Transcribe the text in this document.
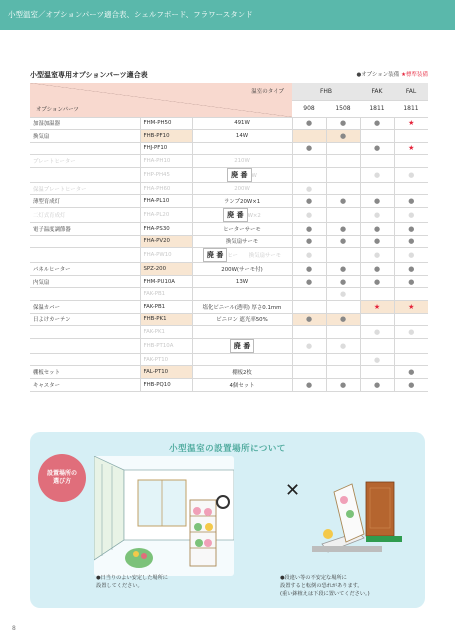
小型温室／オプションパーツ適合表、シェルフボード、フラワースタンド
小型温室専用オプションパーツ適合表	●オプション装備 ★標準装備
温室のタイプ
オプションパーツ			FHB		FAK	FAL
			908	1508	1811	1811
加湿加温器	FHM-PH50	491W	●	●	●	★
換気扇	FHB-PF10	14W		●		
	FHJ-PF10		●		●	★
プレートヒーター	FHA-PH10	210W				
	FHP-PH45	廃 番 W			●	●
保温プレートヒーター	FHA-PH60	200W	●			
薄型育成灯	FHA-PL10	ランプ20W×1	●	●	●	●
二灯式育成灯	FHA-PL20	廃 番 W×2	●		●	●
電子温度調節器	FHA-PS30	ヒーターサーモ	●	●	●	●
	FHA-PV20	換気扇サーモ	●	●	●	●
	FHA-PW10	廃 番 ヒー　　換気扇サーモ	●		●	●
パネルヒーター	SPZ-200	200W(サーモ付)	●	●	●	●
内気扇	FHM-PU10A	13W	●	●	●	●
	FAK-PB1			●		
保温カバー	FAK-PB1	塩化ビニール(透明) 厚さ0.1mm			★	★
日よけカーテン	FHB-PK1	ビニロン 遮光率50%	●	●		
	FAK-PK1				●	●
	FHB-PT10A	廃 番	●	●		
	FAK-PT10				●	
棚板セット	FAL-PT10	棚板2枚				●
キャスター	FHB-PQ10	4個セット	●	●	●	●
小型温室の設置場所について
設置場所の
選び方	✕
●日当りのよい安定した場所に
設置してください。
●段違い等の不安定な場所に
設置すると転倒の恐れがあります。
(重い鉢植えは下段に置いてください。)
8
